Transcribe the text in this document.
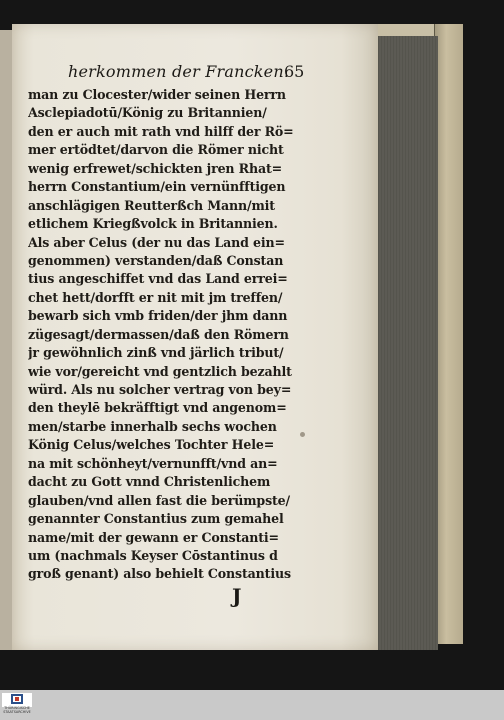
herkommen der Francken.
65
man zu Clocester/wider seinen Herrn
Asclepiadotū/König zu Britannien/
den er auch mit rath vnd hilff der Rö=
mer ertödtet/darvon die Römer nicht
wenig erfrewet/schickten jren Rhat=
herrn Constantium/ein vernünfftigen
anschlägigen Reutterßch Mann/mit
etlichem Kriegßvolck in Britannien.
Als aber Celus (der nu das Land ein=
genommen) verstanden/daß Constan
tius angeschiffet vnd das Land errei=
chet hett/dorfft er nit mit jm treffen/
bewarb sich vmb friden/der jhm dann
zügesagt/dermassen/daß den Römern
jr gewöhnlich zinß vnd järlich tribut/
wie vor/gereicht vnd gentzlich bezahlt
würd. Als nu solcher vertrag von bey=
den theylē bekräfftigt vnd angenom=
men/starbe innerhalb sechs wochen
König Celus/welches Tochter Hele=
na mit schönheyt/vernunfft/vnd an=
dacht zu Gott vnnd Christenlichem
glauben/vnd allen fast die berümpste/
genannter Constantius zum gemahel
name/mit der gewann er Constanti=
um (nachmals Keyser Cōstantinus d
groß genant) also behielt Constantius
J
THÜRINGISCHE STAATSARCHIVE
